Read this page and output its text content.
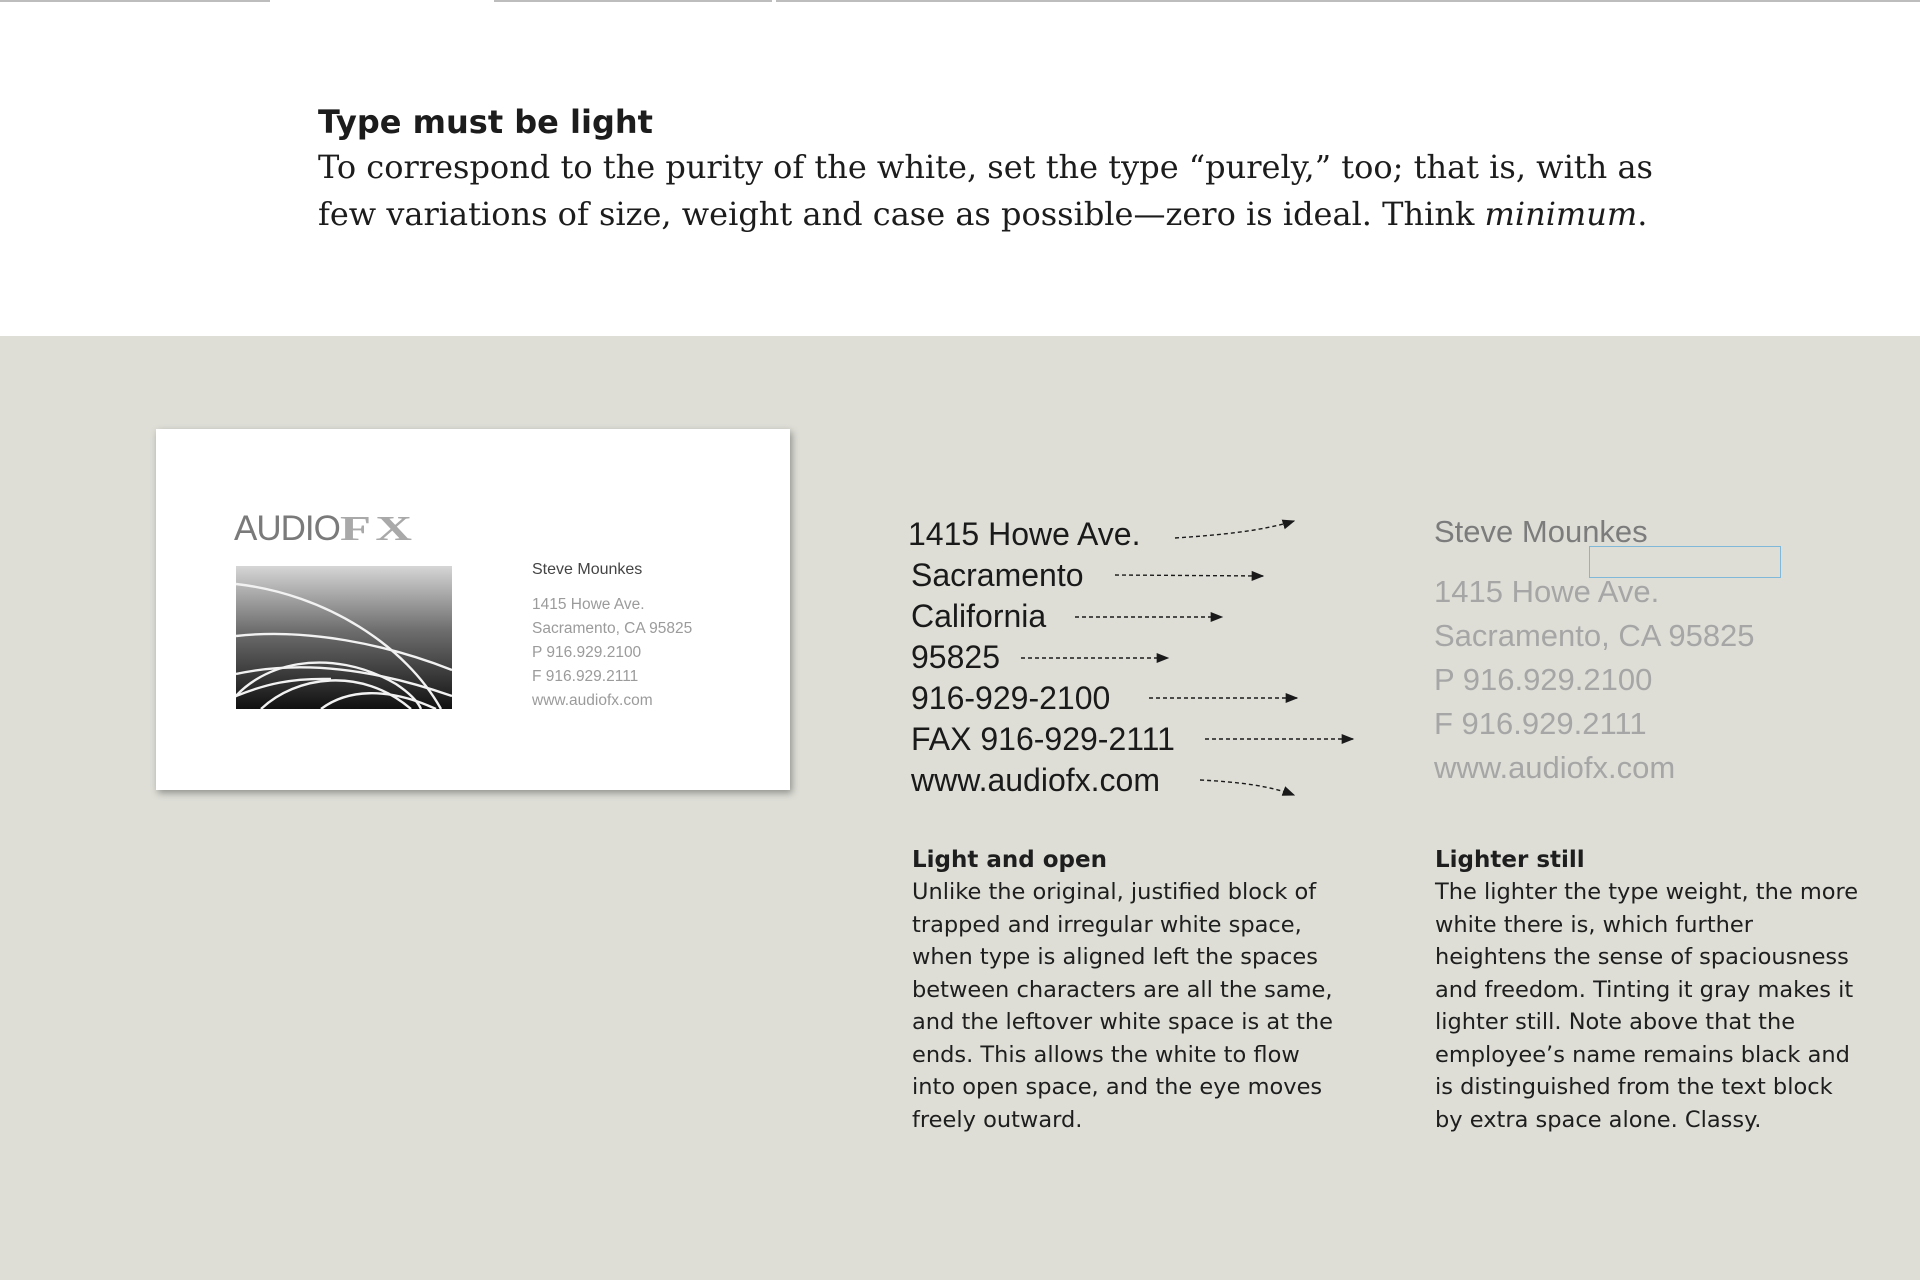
Type must be light

To correspond to the purity of the white, set the type “purely,” too; that is, with as few variations of size, weight and case as possible—zero is ideal. Think minimum.

AUDIOFX
Steve Mounkes
1415 Howe Ave.
Sacramento, CA 95825
P 916.929.2100
F 916.929.2111
www.audiofx.com
1415 Howe Ave.
Sacramento
California
95825
916-929-2100
FAX 916-929-2111
www.audiofx.com
Steve Mounkes
1415 Howe Ave.
Sacramento, CA 95825
P 916.929.2100
F 916.929.2111
www.audiofx.com
Light and open

Unlike the original, justified block of trapped and irregular white space, when type is aligned left the spaces between characters are all the same, and the leftover white space is at the ends. This allows the white to flow into open space, and the eye moves freely outward.

Lighter still

The lighter the type weight, the more white there is, which further heightens the sense of spaciousness and freedom. Tinting it gray makes it lighter still. Note above that the employee’s name remains black and is distinguished from the text block by extra space alone. Classy.
